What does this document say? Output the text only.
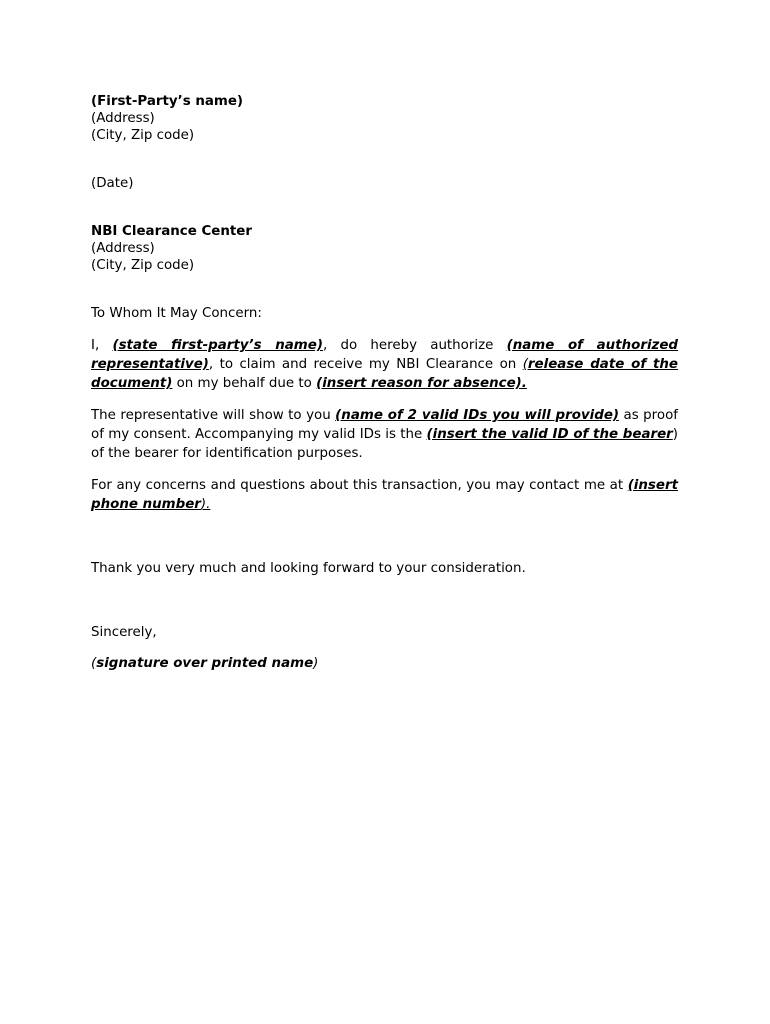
(First-Party’s name)
(Address)
(City, Zip code)
(Date)
NBI Clearance Center
(Address)
(City, Zip code)
To Whom It May Concern:
I, (state first-party’s name), do hereby authorize (name of authorized representative), to claim and receive my NBI Clearance on (release date of the document) on my behalf due to (insert reason for absence).
The representative will show to you (name of 2 valid IDs you will provide) as proof of my consent. Accompanying my valid IDs is the (insert the valid ID of the bearer) of the bearer for identification purposes.
For any concerns and questions about this transaction, you may contact me at (insert phone number).
Thank you very much and looking forward to your consideration.
Sincerely,
(signature over printed name)
